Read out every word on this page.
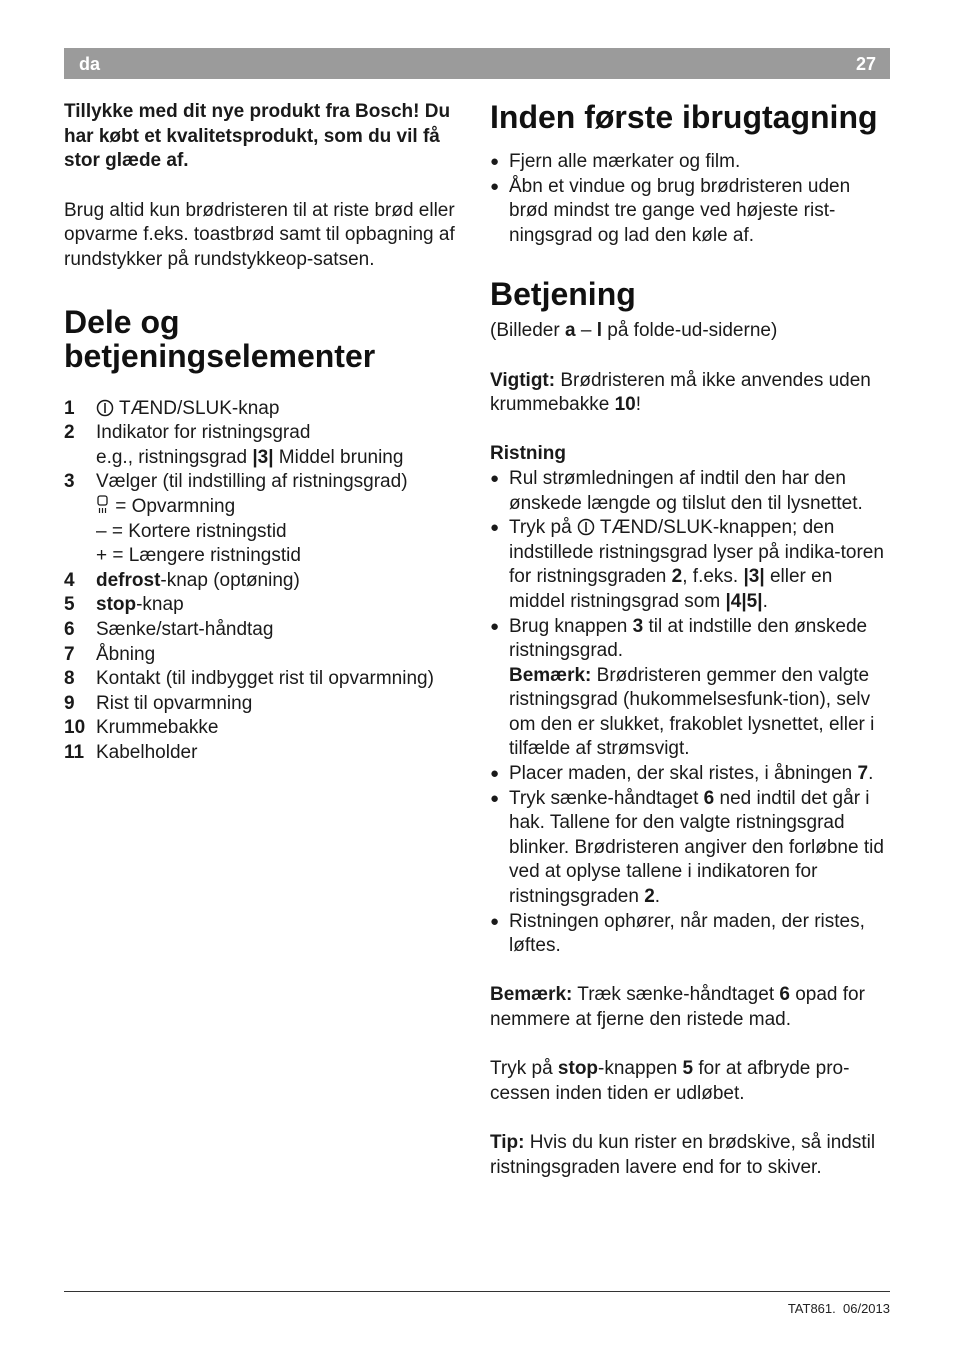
da	27

Tillykke med dit nye produkt fra Bosch! Du har købt et kvalitetsprodukt, som du vil få stor glæde af.

Brug altid kun brødristeren til at riste brød eller opvarme f.eks. toastbrød samt til opbagning af rundstykker på rundstykkeop-satsen.

Dele og
betjeningselementer
1	TÆND/SLUK-knap
2	Indikator for ristningsgrad
e.g., ristningsgrad |3| Middel bruning
3	Vælger (til indstilling af ristningsgrad)
= Opvarmning
– = Kortere ristningstid
+ = Længere ristningstid
4	defrost-knap (optøning)
5	stop-knap
6	Sænke/start-håndtag
7	Åbning
8	Kontakt (til indbygget rist til opvarmning)
9	Rist til opvarmning
10 Krummebakke
11 Kabelholder
Inden første ibrugtagning
● Fjern alle mærkater og film.
● Åbn et vindue og brug brødristeren uden brød mindst tre gange ved højeste rist-ningsgrad og lad den køle af.
Betjening

(Billeder a – l på folde-ud-siderne)

Vigtigt: Brødristeren må ikke anvendes uden krummebakke 10!

Ristning

● Rul strømledningen af indtil den har den ønskede længde og tilslut den til lysnettet.
● Tryk på  TÆND/SLUK-knappen; den indstillede ristningsgrad lyser på indika-toren for ristningsgraden 2, f.eks. |3| eller en middel ristningsgrad som |4|5|.
● Brug knappen 3 til at indstille den ønskede ristningsgrad.
Bemærk: Brødristeren gemmer den valgte ristningsgrad (hukommelsesfunk-tion), selv om den er slukket, frakoblet lysnettet, eller i tilfælde af strømsvigt.
● Placer maden, der skal ristes, i åbningen 7.
● Tryk sænke-håndtaget 6 ned indtil det går i hak. Tallene for den valgte ristningsgrad blinker. Brødristeren angiver den forløbne tid ved at oplyse tallene i indikatoren for ristningsgraden 2.
● Ristningen ophører, når maden, der ristes, løftes.

Bemærk: Træk sænke-håndtaget 6 opad for nemmere at fjerne den ristede mad.

Tryk på stop-knappen 5 for at afbryde pro-cessen inden tiden er udløbet.

Tip: Hvis du kun rister en brødskive, så indstil ristningsgraden lavere end for to skiver.

TAT861. 06/2013
